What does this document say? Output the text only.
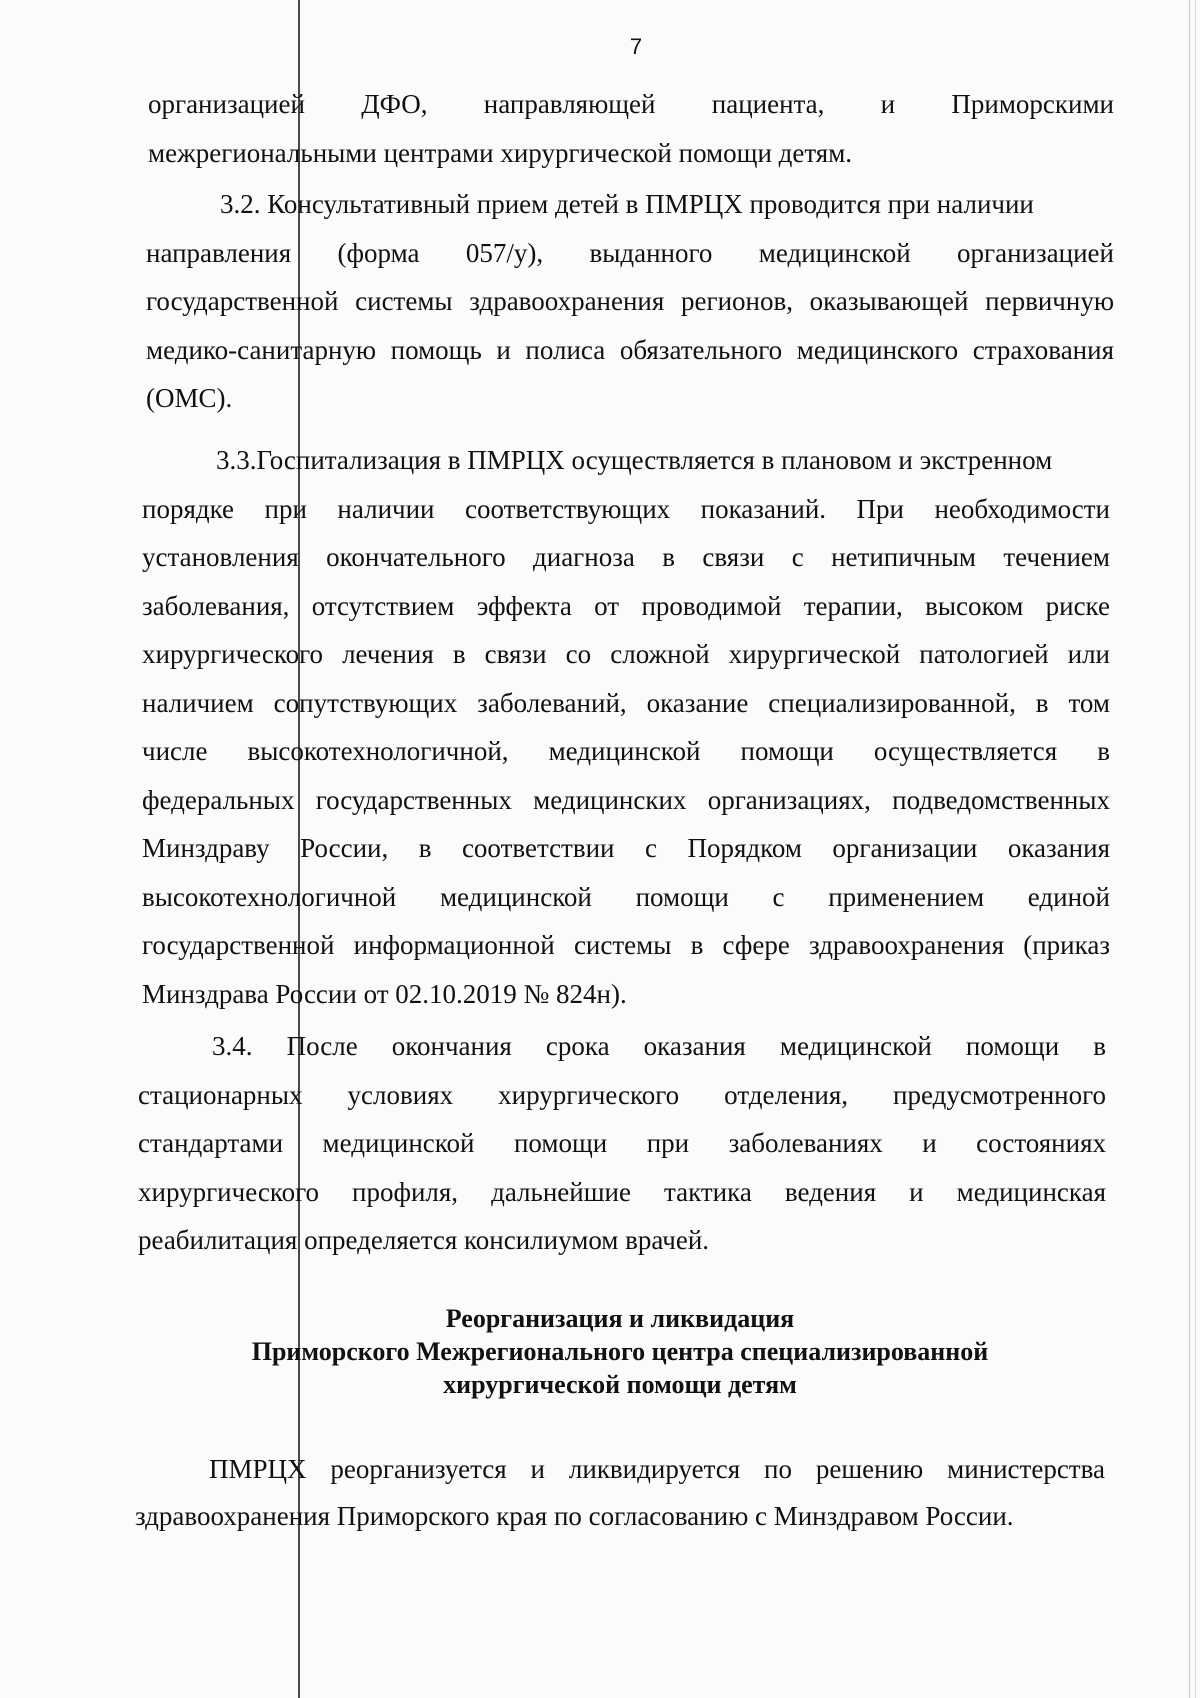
7
организацией ДФО, направляющей пациента, и Приморскими
межрегиональными центрами хирургической помощи детям.
3.2. Консультативный прием детей в ПМРЦХ проводится при наличии
направления (форма 057/у), выданного медицинской организацией
государственной системы здравоохранения регионов, оказывающей первичную
медико-санитарную помощь и полиса обязательного медицинского страхования
(ОМС).
3.3.Госпитализация в ПМРЦХ осуществляется в плановом и экстренном
порядке при наличии соответствующих показаний. При необходимости
установления окончательного диагноза в связи с нетипичным течением
заболевания, отсутствием эффекта от проводимой терапии, высоком риске
хирургического лечения в связи со сложной хирургической патологией или
наличием сопутствующих заболеваний, оказание специализированной, в том
числе высокотехнологичной, медицинской помощи осуществляется в
федеральных государственных медицинских организациях, подведомственных
Минздраву России, в соответствии с Порядком организации оказания
высокотехнологичной медицинской помощи с применением единой
государственной информационной системы в сфере здравоохранения (приказ
Минздрава России от 02.10.2019 № 824н).
3.4. После окончания срока оказания медицинской помощи в
стационарных условиях хирургического отделения, предусмотренного
стандартами медицинской помощи при заболеваниях и состояниях
хирургического профиля, дальнейшие тактика ведения и медицинская
реабилитация определяется консилиумом врачей.
Реорганизация и ликвидация
Приморского Межрегионального центра специализированной
хирургической помощи детям
ПМРЦХ реорганизуется и ликвидируется по решению министерства
здравоохранения Приморского края по согласованию с Минздравом России.
